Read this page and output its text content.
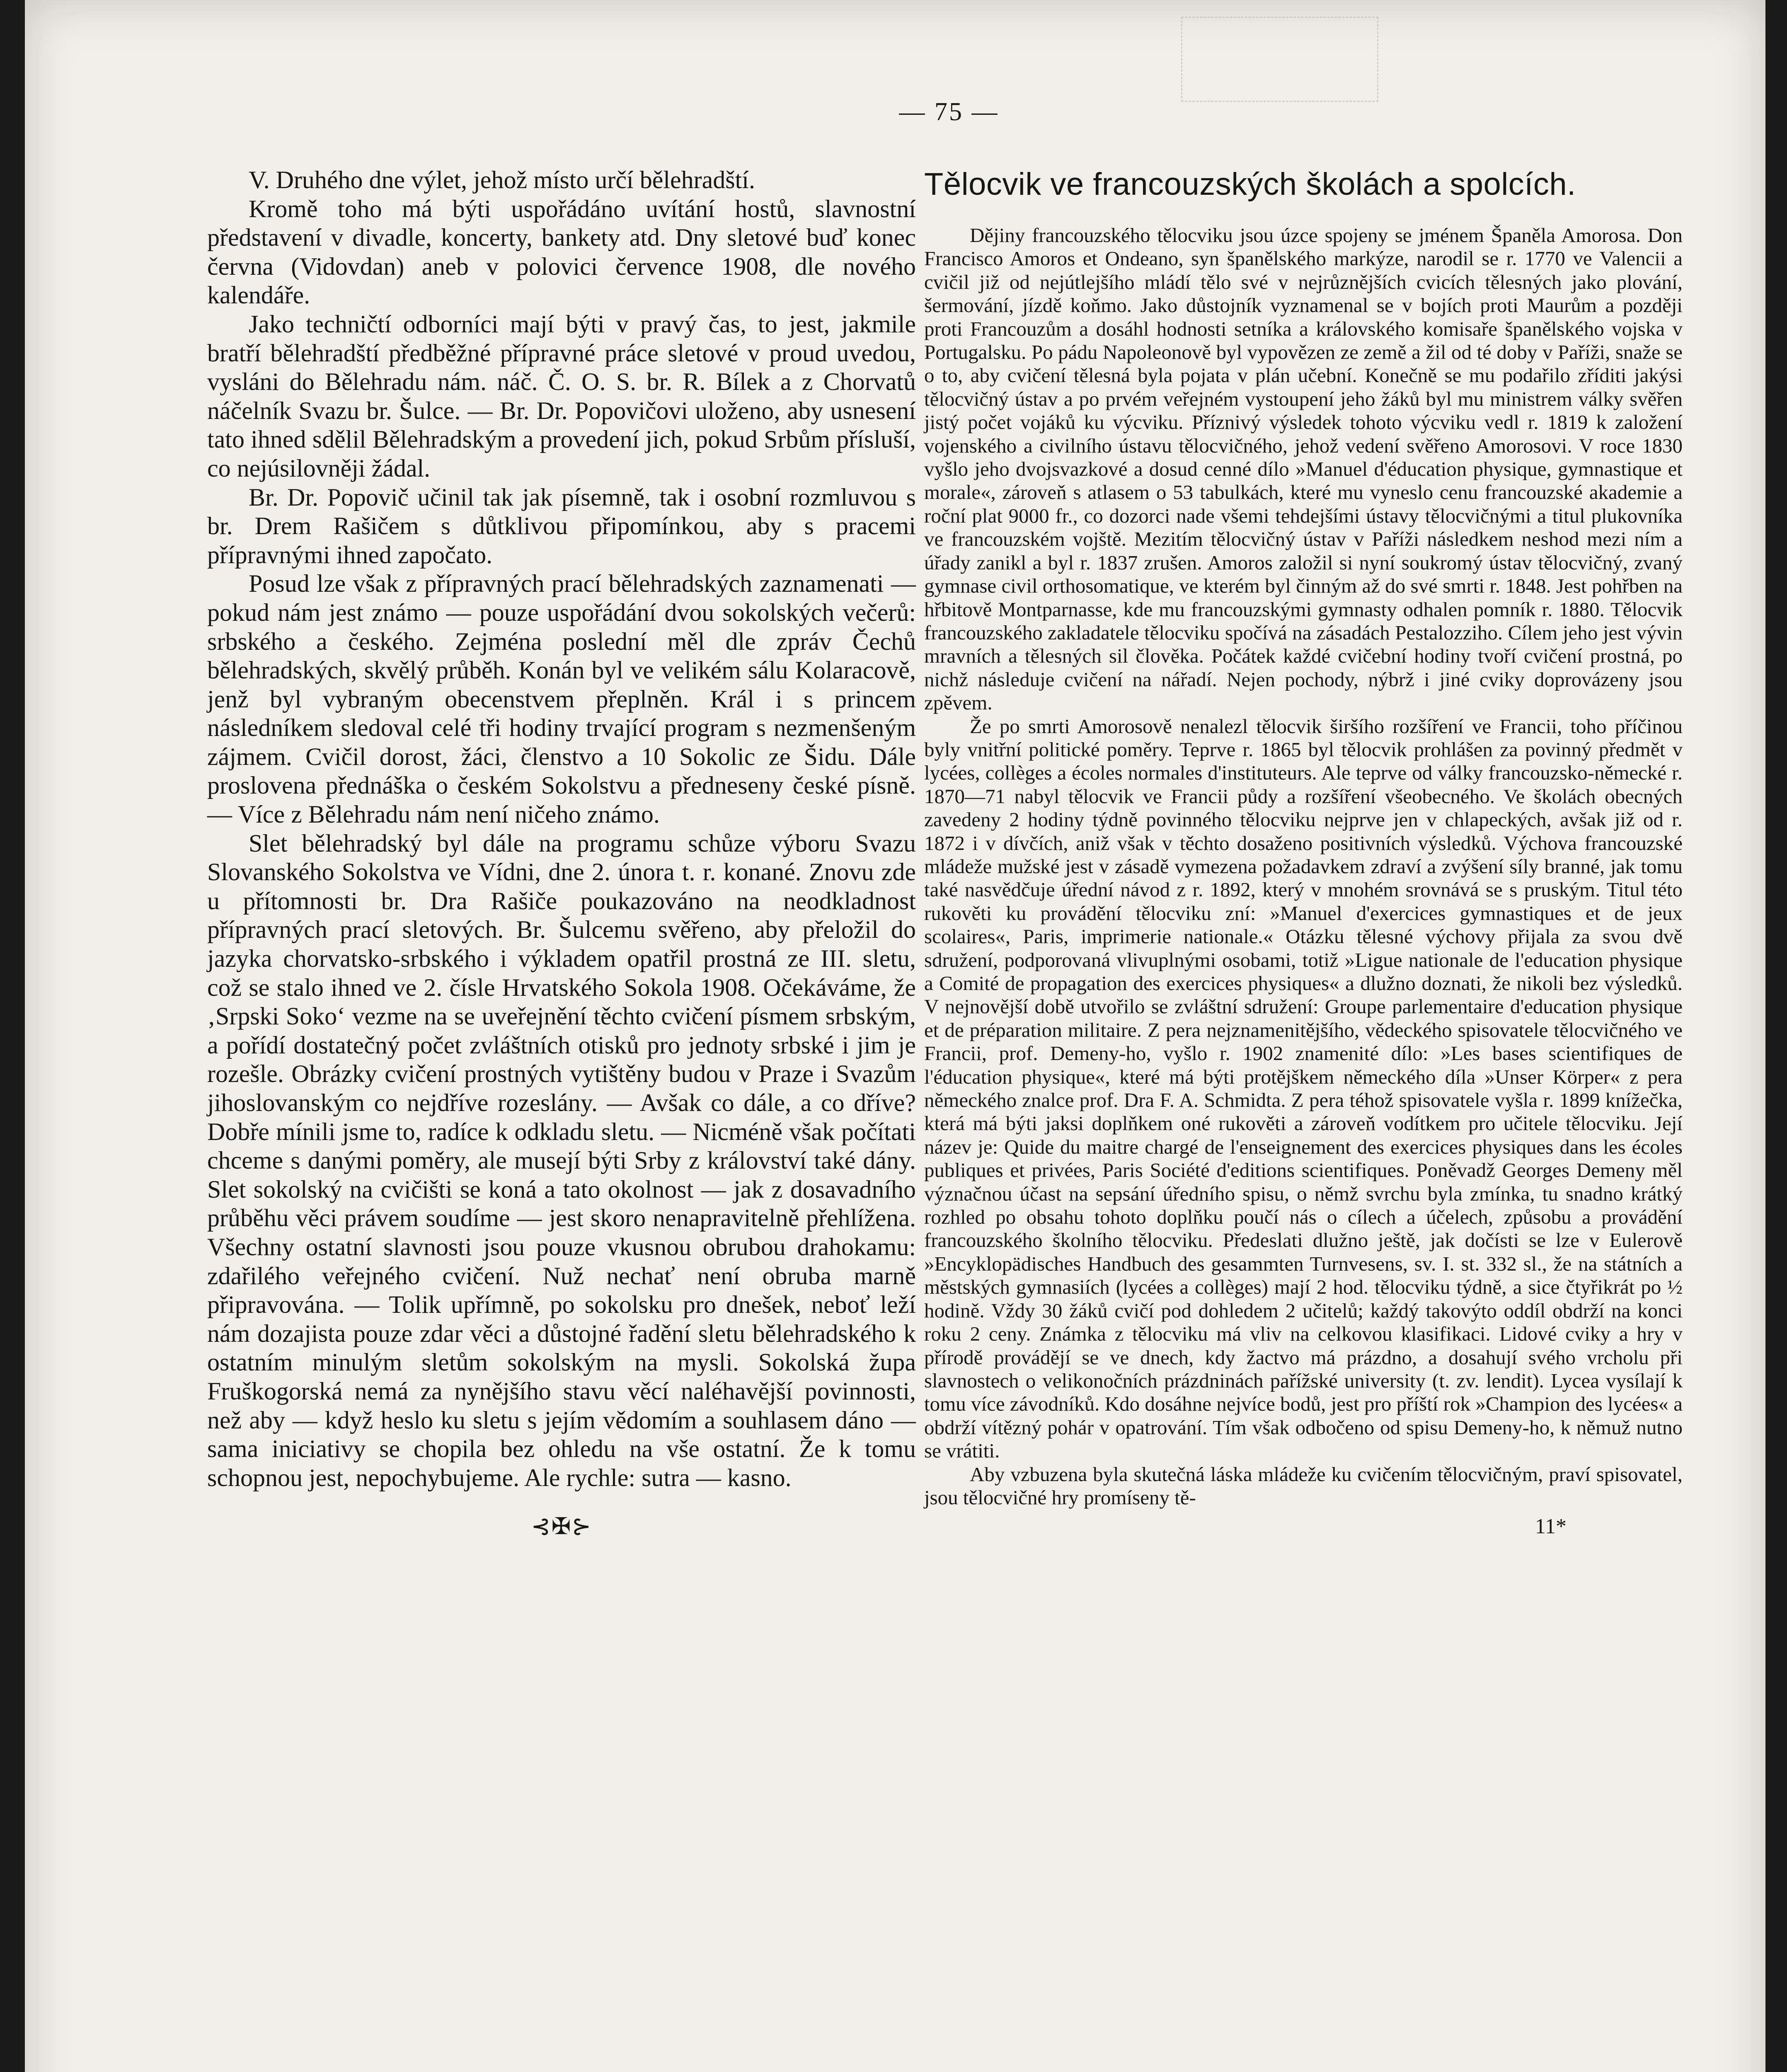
— 75 —

V. Druhého dne výlet, jehož místo určí bělehradští.

Kromě toho má býti uspořádáno uvítání hostů, slavnostní představení v divadle, koncerty, bankety atd. Dny sletové buď konec června (Vidovdan) aneb v polovici července 1908, dle nového kalendáře.

Jako techničtí odborníci mají býti v pravý čas, to jest, jakmile bratří bělehradští předběžné přípravné práce sletové v proud uvedou, vysláni do Bělehradu nám. náč. Č. O. S. br. R. Bílek a z Chorvatů náčelník Svazu br. Šulce. — Br. Dr. Popovičovi uloženo, aby usnesení tato ihned sdělil Bělehradským a provedení jich, pokud Srbům přísluší, co nejúsilovněji žádal.

Br. Dr. Popovič učinil tak jak písemně, tak i osobní rozmluvou s br. Drem Rašičem s důtklivou připomínkou, aby s pracemi přípravnými ihned započato.

Posud lze však z přípravných prací bělehradských zaznamenati — pokud nám jest známo — pouze uspořádání dvou sokolských večerů: srbského a českého. Zejména poslední měl dle zpráv Čechů bělehradských, skvělý průběh. Konán byl ve velikém sálu Kolaracově, jenž byl vybraným obecenstvem přeplněn. Král i s princem následníkem sledoval celé tři hodiny trvající program s nezmenšeným zájmem. Cvičil dorost, žáci, členstvo a 10 Sokolic ze Šidu. Dále proslovena přednáška o českém Sokolstvu a předneseny české písně. — Více z Bělehradu nám není ničeho známo.

Slet bělehradský byl dále na programu schůze výboru Svazu Slovanského Sokolstva ve Vídni, dne 2. února t. r. konané. Znovu zde u přítomnosti br. Dra Rašiče poukazováno na neodkladnost přípravných prací sletových. Br. Šulcemu svěřeno, aby přeložil do jazyka chorvatsko-srbského i výkladem opatřil prostná ze III. sletu, což se stalo ihned ve 2. čísle Hrvatského Sokola 1908. Očekáváme, že ‚Srpski Soko‘ vezme na se uveřejnění těchto cvičení písmem srbským, a pořídí dostatečný počet zvláštních otisků pro jednoty srbské i jim je rozešle. Obrázky cvičení prostných vytištěny budou v Praze i Svazům jihoslovanským co nejdříve rozeslány. — Avšak co dále, a co dříve? Dobře mínili jsme to, radíce k odkladu sletu. — Nicméně však počítati chceme s danými poměry, ale musejí býti Srby z království také dány. Slet sokolský na cvičišti se koná a tato okolnost — jak z dosavadního průběhu věci právem soudíme — jest skoro nenapravitelně přehlížena. Všechny ostatní slavnosti jsou pouze vkusnou obrubou drahokamu: zdařilého veřejného cvičení. Nuž nechať není obruba marně připravována. — Tolik upřímně, po sokolsku pro dnešek, neboť leží nám dozajista pouze zdar věci a důstojné řadění sletu bělehradského k ostatním minulým sletům sokolským na mysli. Sokolská župa Fruškogorská nemá za nynějšího stavu věcí naléhavější povinnosti, než aby — když heslo ku sletu s jejím vědomím a souhlasem dáno — sama iniciativy se chopila bez ohledu na vše ostatní. Že k tomu schopnou jest, nepochybujeme. Ale rychle: sutra — kasno.

⊰✠⊱
Tělocvik ve francouzských školách a spolcích.

Dějiny francouzského tělocviku jsou úzce spojeny se jménem Španěla Amorosa. Don Francisco Amoros et Ondeano, syn španělského markýze, narodil se r. 1770 ve Valencii a cvičil již od nejútlejšího mládí tělo své v nejrůznějších cvicích tělesných jako plování, šermování, jízdě koňmo. Jako důstojník vyznamenal se v bojích proti Maurům a později proti Francouzům a dosáhl hodnosti setníka a královského komisaře španělského vojska v Portugalsku. Po pádu Napoleonově byl vypovězen ze země a žil od té doby v Paříži, snaže se o to, aby cvičení tělesná byla pojata v plán učební. Konečně se mu podařilo zříditi jakýsi tělocvičný ústav a po prvém veřejném vystoupení jeho žáků byl mu ministrem války svěřen jistý počet vojáků ku výcviku. Příznivý výsledek tohoto výcviku vedl r. 1819 k založení vojenského a civilního ústavu tělocvičného, jehož vedení svěřeno Amorosovi. V roce 1830 vyšlo jeho dvojsvazkové a dosud cenné dílo »Manuel d'éducation physique, gymnastique et morale«, zároveň s atlasem o 53 tabulkách, které mu vyneslo cenu francouzské akademie a roční plat 9000 fr., co dozorci nade všemi tehdejšími ústavy tělocvičnými a titul plukovníka ve francouzském vojště. Mezitím tělocvičný ústav v Paříži následkem neshod mezi ním a úřady zanikl a byl r. 1837 zrušen. Amoros založil si nyní soukromý ústav tělocvičný, zvaný gymnase civil orthosomatique, ve kterém byl činným až do své smrti r. 1848. Jest pohřben na hřbitově Montparnasse, kde mu francouzskými gymnasty odhalen pomník r. 1880. Tělocvik francouzského zakladatele tělocviku spočívá na zásadách Pestalozziho. Cílem jeho jest vývin mravních a tělesných sil člověka. Počátek každé cvičební hodiny tvoří cvičení prostná, po nichž následuje cvičení na nářadí. Nejen pochody, nýbrž i jiné cviky doprovázeny jsou zpěvem.

Že po smrti Amorosově nenalezl tělocvik širšího rozšíření ve Francii, toho příčinou byly vnitřní politické poměry. Teprve r. 1865 byl tělocvik prohlášen za povinný předmět v lycées, collèges a écoles normales d'instituteurs. Ale teprve od války francouzsko-německé r. 1870—71 nabyl tělocvik ve Francii půdy a rozšíření všeobecného. Ve školách obecných zavedeny 2 hodiny týdně povinného tělocviku nejprve jen v chlapeckých, avšak již od r. 1872 i v dívčích, aniž však v těchto dosaženo positivních výsledků. Výchova francouzské mládeže mužské jest v zásadě vymezena požadavkem zdraví a zvýšení síly branné, jak tomu také nasvědčuje úřední návod z r. 1892, který v mnohém srovnává se s pruským. Titul této rukověti ku provádění tělocviku zní: »Manuel d'exercices gymnastiques et de jeux scolaires«, Paris, imprimerie nationale.« Otázku tělesné výchovy přijala za svou dvě sdružení, podporovaná vlivuplnými osobami, totiž »Ligue nationale de l'education physique a Comité de propagation des exercices physiques« a dlužno doznati, že nikoli bez výsledků. V nejnovější době utvořilo se zvláštní sdružení: Groupe parlementaire d'education physique et de préparation militaire. Z pera nejznamenitějšího, vědeckého spisovatele tělocvičného ve Francii, prof. Demeny-ho, vyšlo r. 1902 znamenité dílo: »Les bases scientifiques de l'éducation physique«, které má býti protějškem německého díla »Unser Körper« z pera německého znalce prof. Dra F. A. Schmidta. Z pera téhož spisovatele vyšla r. 1899 knížečka, která má býti jaksi doplňkem oné rukověti a zároveň vodítkem pro učitele tělocviku. Její název je: Quide du maitre chargé de l'enseignement des exercices physiques dans les écoles publiques et privées, Paris Société d'editions scientifiques. Poněvadž Georges Demeny měl význačnou účast na sepsání úředního spisu, o němž svrchu byla zmínka, tu snadno krátký rozhled po obsahu tohoto doplňku poučí nás o cílech a účelech, způsobu a provádění francouzského školního tělocviku. Předeslati dlužno ještě, jak dočísti se lze v Eulerově »Encyklopädisches Handbuch des gesammten Turnvesens, sv. I. st. 332 sl., že na státních a městských gymnasiích (lycées a collèges) mají 2 hod. tělocviku týdně, a sice čtyřikrát po ½ hodině. Vždy 30 žáků cvičí pod dohledem 2 učitelů; každý takovýto oddíl obdrží na konci roku 2 ceny. Známka z tělocviku má vliv na celkovou klasifikaci. Lidové cviky a hry v přírodě provádějí se ve dnech, kdy žactvo má prázdno, a dosahují svého vrcholu při slavnostech o velikonočních prázdninách pařížské university (t. zv. lendit). Lycea vysílají k tomu více závodníků. Kdo dosáhne nejvíce bodů, jest pro příští rok »Champion des lycées« a obdrží vítězný pohár v opatrování. Tím však odbočeno od spisu Demeny-ho, k němuž nutno se vrátiti.

Aby vzbuzena byla skutečná láska mládeže ku cvičením tělocvičným, praví spisovatel, jsou tělocvičné hry promíseny tě-

11*
